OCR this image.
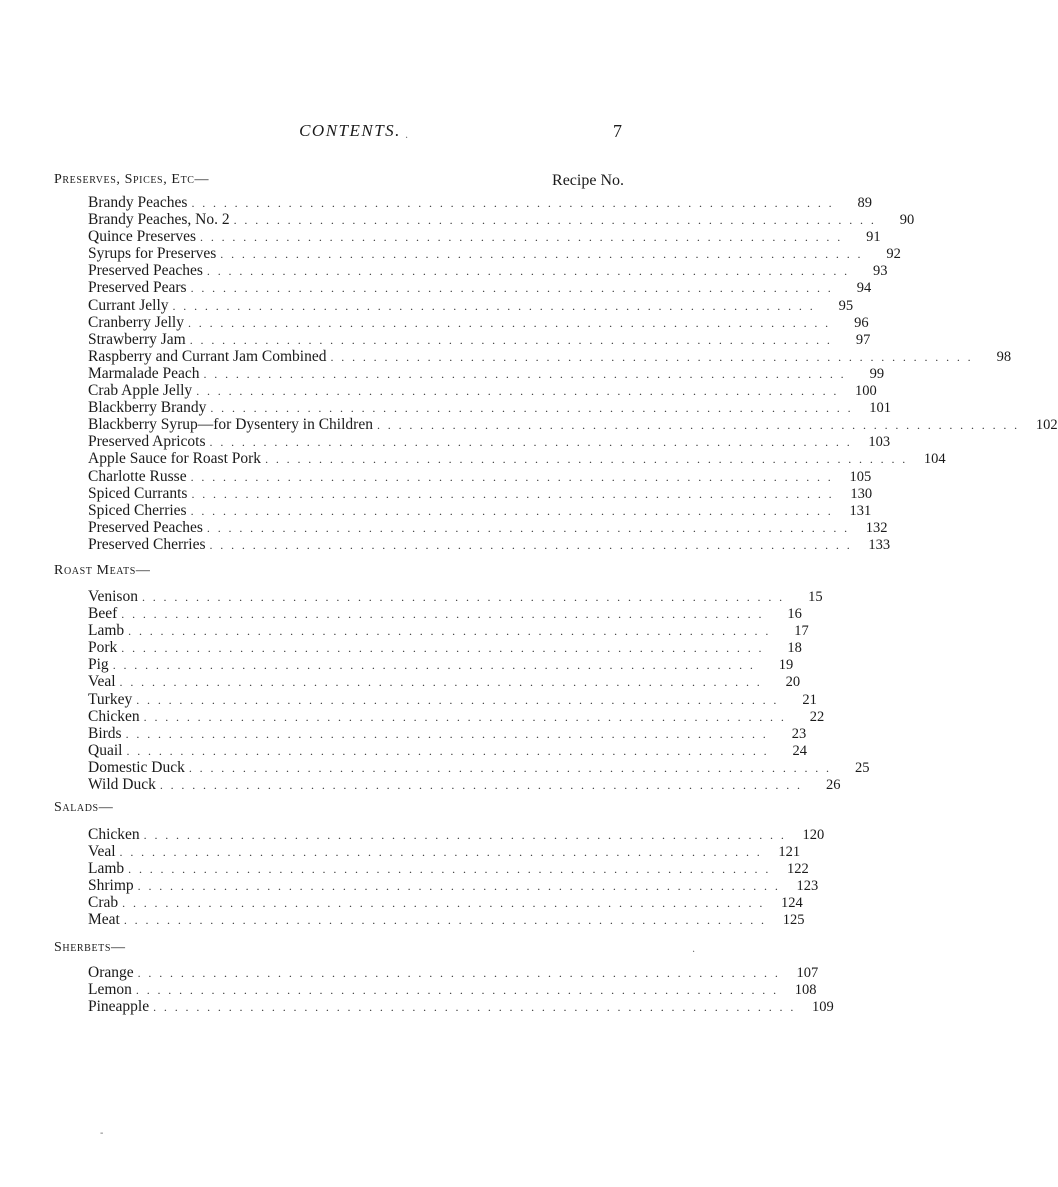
CONTENTS.	7
Preserves, Spices, Etc—	Recipe No.
Brandy Peaches . . . . . . . . . . . . . . . . . . . . . . . . . . . . . . . . . . . . . . . . . . . . . . . . . . . . . . . . . . . .	89
Brandy Peaches, No. 2 . . . . . . . . . . . . . . . . . . . . . . . . . . . . . . . . . . . . . . . . . . . . . . . . . . . . . . . . . . . .	90
Quince Preserves . . . . . . . . . . . . . . . . . . . . . . . . . . . . . . . . . . . . . . . . . . . . . . . . . . . . . . . . . . . .	91
Syrups for Preserves . . . . . . . . . . . . . . . . . . . . . . . . . . . . . . . . . . . . . . . . . . . . . . . . . . . . . . . . . . . .	92
Preserved Peaches . . . . . . . . . . . . . . . . . . . . . . . . . . . . . . . . . . . . . . . . . . . . . . . . . . . . . . . . . . . .	93
Preserved Pears . . . . . . . . . . . . . . . . . . . . . . . . . . . . . . . . . . . . . . . . . . . . . . . . . . . . . . . . . . . .	94
Currant Jelly . . . . . . . . . . . . . . . . . . . . . . . . . . . . . . . . . . . . . . . . . . . . . . . . . . . . . . . . . . . .	95
Cranberry Jelly . . . . . . . . . . . . . . . . . . . . . . . . . . . . . . . . . . . . . . . . . . . . . . . . . . . . . . . . . . . .	96
Strawberry Jam . . . . . . . . . . . . . . . . . . . . . . . . . . . . . . . . . . . . . . . . . . . . . . . . . . . . . . . . . . . .	97
Raspberry and Currant Jam Combined . . . . . . . . . . . . . . . . . . . . . . . . . . . . . . . . . . . . . . . . . . . . . . . . . . . . . . . . . . . .	98
Marmalade Peach . . . . . . . . . . . . . . . . . . . . . . . . . . . . . . . . . . . . . . . . . . . . . . . . . . . . . . . . . . . .	99
Crab Apple Jelly . . . . . . . . . . . . . . . . . . . . . . . . . . . . . . . . . . . . . . . . . . . . . . . . . . . . . . . . . . . .	100
Blackberry Brandy . . . . . . . . . . . . . . . . . . . . . . . . . . . . . . . . . . . . . . . . . . . . . . . . . . . . . . . . . . . .	101
Blackberry Syrup—for Dysentery in Children . . . . . . . . . . . . . . . . . . . . . . . . . . . . . . . . . . . . . . . . . . . . . . . . . . . . . . . . . . . .	102
Preserved Apricots . . . . . . . . . . . . . . . . . . . . . . . . . . . . . . . . . . . . . . . . . . . . . . . . . . . . . . . . . . . .	103
Apple Sauce for Roast Pork . . . . . . . . . . . . . . . . . . . . . . . . . . . . . . . . . . . . . . . . . . . . . . . . . . . . . . . . . . . .	104
Charlotte Russe . . . . . . . . . . . . . . . . . . . . . . . . . . . . . . . . . . . . . . . . . . . . . . . . . . . . . . . . . . . .	105
Spiced Currants . . . . . . . . . . . . . . . . . . . . . . . . . . . . . . . . . . . . . . . . . . . . . . . . . . . . . . . . . . . .	130
Spiced Cherries . . . . . . . . . . . . . . . . . . . . . . . . . . . . . . . . . . . . . . . . . . . . . . . . . . . . . . . . . . . .	131
Preserved Peaches . . . . . . . . . . . . . . . . . . . . . . . . . . . . . . . . . . . . . . . . . . . . . . . . . . . . . . . . . . . .	132
Preserved Cherries . . . . . . . . . . . . . . . . . . . . . . . . . . . . . . . . . . . . . . . . . . . . . . . . . . . . . . . . . . . .	133
Roast Meats—
Venison . . . . . . . . . . . . . . . . . . . . . . . . . . . . . . . . . . . . . . . . . . . . . . . . . . . . . . . . . . . .	15
Beef . . . . . . . . . . . . . . . . . . . . . . . . . . . . . . . . . . . . . . . . . . . . . . . . . . . . . . . . . . . .	16
Lamb . . . . . . . . . . . . . . . . . . . . . . . . . . . . . . . . . . . . . . . . . . . . . . . . . . . . . . . . . . . .	17
Pork . . . . . . . . . . . . . . . . . . . . . . . . . . . . . . . . . . . . . . . . . . . . . . . . . . . . . . . . . . . .	18
Pig . . . . . . . . . . . . . . . . . . . . . . . . . . . . . . . . . . . . . . . . . . . . . . . . . . . . . . . . . . . .	19
Veal . . . . . . . . . . . . . . . . . . . . . . . . . . . . . . . . . . . . . . . . . . . . . . . . . . . . . . . . . . . .	20
Turkey . . . . . . . . . . . . . . . . . . . . . . . . . . . . . . . . . . . . . . . . . . . . . . . . . . . . . . . . . . . .	21
Chicken . . . . . . . . . . . . . . . . . . . . . . . . . . . . . . . . . . . . . . . . . . . . . . . . . . . . . . . . . . . .	22
Birds . . . . . . . . . . . . . . . . . . . . . . . . . . . . . . . . . . . . . . . . . . . . . . . . . . . . . . . . . . . .	23
Quail . . . . . . . . . . . . . . . . . . . . . . . . . . . . . . . . . . . . . . . . . . . . . . . . . . . . . . . . . . . .	24
Domestic Duck . . . . . . . . . . . . . . . . . . . . . . . . . . . . . . . . . . . . . . . . . . . . . . . . . . . . . . . . . . . .	25
Wild Duck . . . . . . . . . . . . . . . . . . . . . . . . . . . . . . . . . . . . . . . . . . . . . . . . . . . . . . . . . . . .	26
Salads—
Chicken . . . . . . . . . . . . . . . . . . . . . . . . . . . . . . . . . . . . . . . . . . . . . . . . . . . . . . . . . . . .	120
Veal . . . . . . . . . . . . . . . . . . . . . . . . . . . . . . . . . . . . . . . . . . . . . . . . . . . . . . . . . . . .	121
Lamb . . . . . . . . . . . . . . . . . . . . . . . . . . . . . . . . . . . . . . . . . . . . . . . . . . . . . . . . . . . .	122
Shrimp . . . . . . . . . . . . . . . . . . . . . . . . . . . . . . . . . . . . . . . . . . . . . . . . . . . . . . . . . . . .	123
Crab . . . . . . . . . . . . . . . . . . . . . . . . . . . . . . . . . . . . . . . . . . . . . . . . . . . . . . . . . . . .	124
Meat . . . . . . . . . . . . . . . . . . . . . . . . . . . . . . . . . . . . . . . . . . . . . . . . . . . . . . . . . . . .	125
Sherbets—
Orange . . . . . . . . . . . . . . . . . . . . . . . . . . . . . . . . . . . . . . . . . . . . . . . . . . . . . . . . . . . .	107
Lemon . . . . . . . . . . . . . . . . . . . . . . . . . . . . . . . . . . . . . . . . . . . . . . . . . . . . . . . . . . . .	108
Pineapple . . . . . . . . . . . . . . . . . . . . . . . . . . . . . . . . . . . . . . . . . . . . . . . . . . . . . . . . . . . .	109
.
-
.
